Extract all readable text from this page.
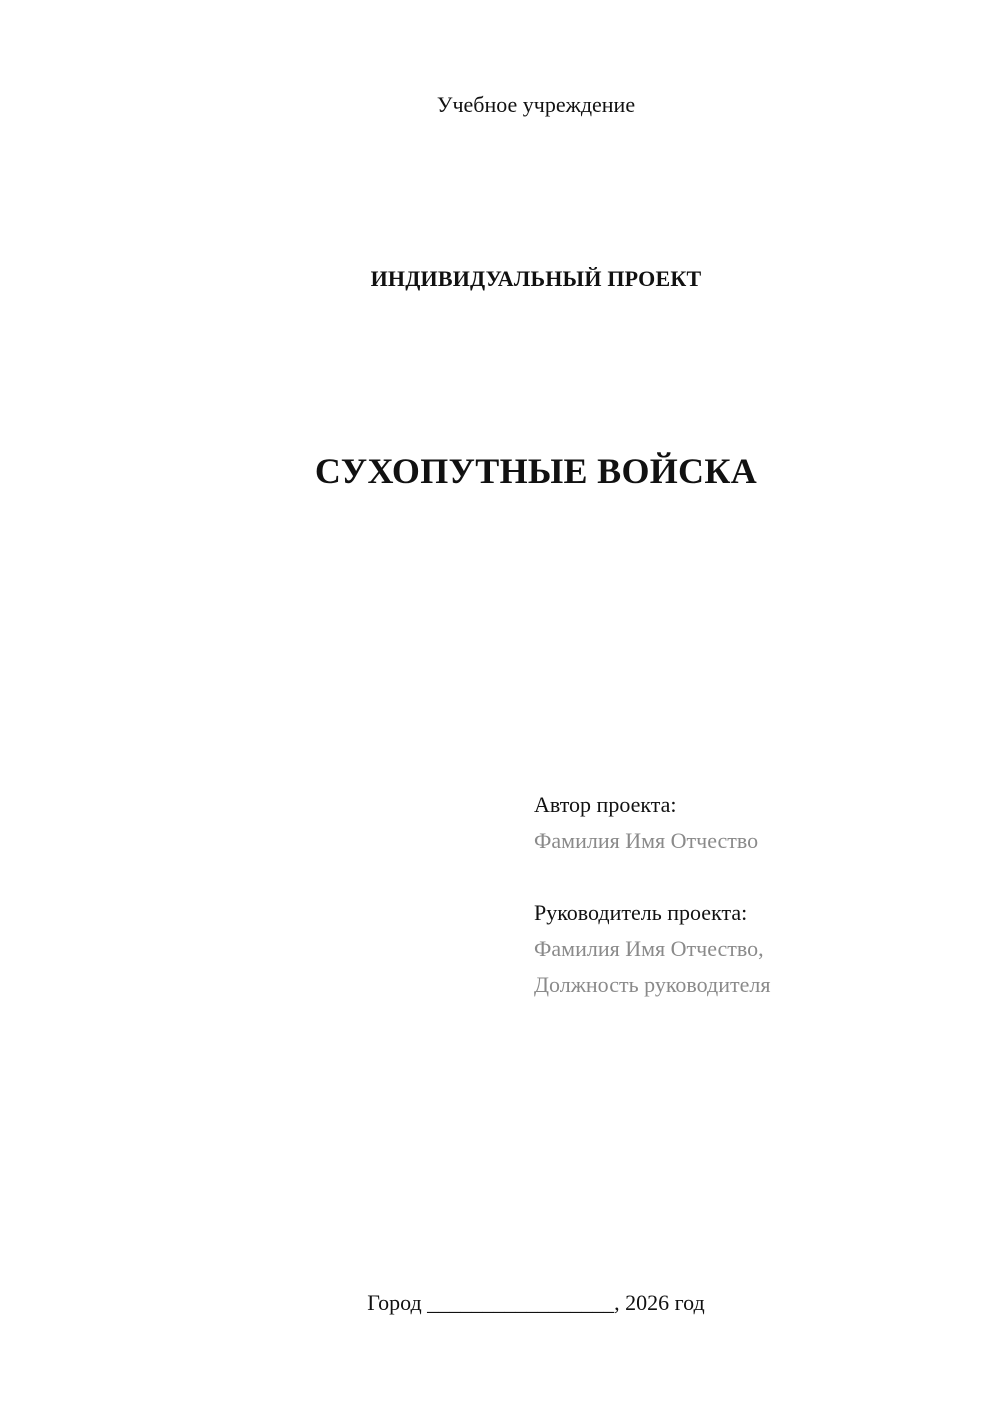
Учебное учреждение
ИНДИВИДУАЛЬНЫЙ ПРОЕКТ
СУХОПУТНЫЕ ВОЙСКА
Автор проекта:
Фамилия Имя Отчество
Руководитель проекта:
Фамилия Имя Отчество,
Должность руководителя
Город _________________, 2026 год
